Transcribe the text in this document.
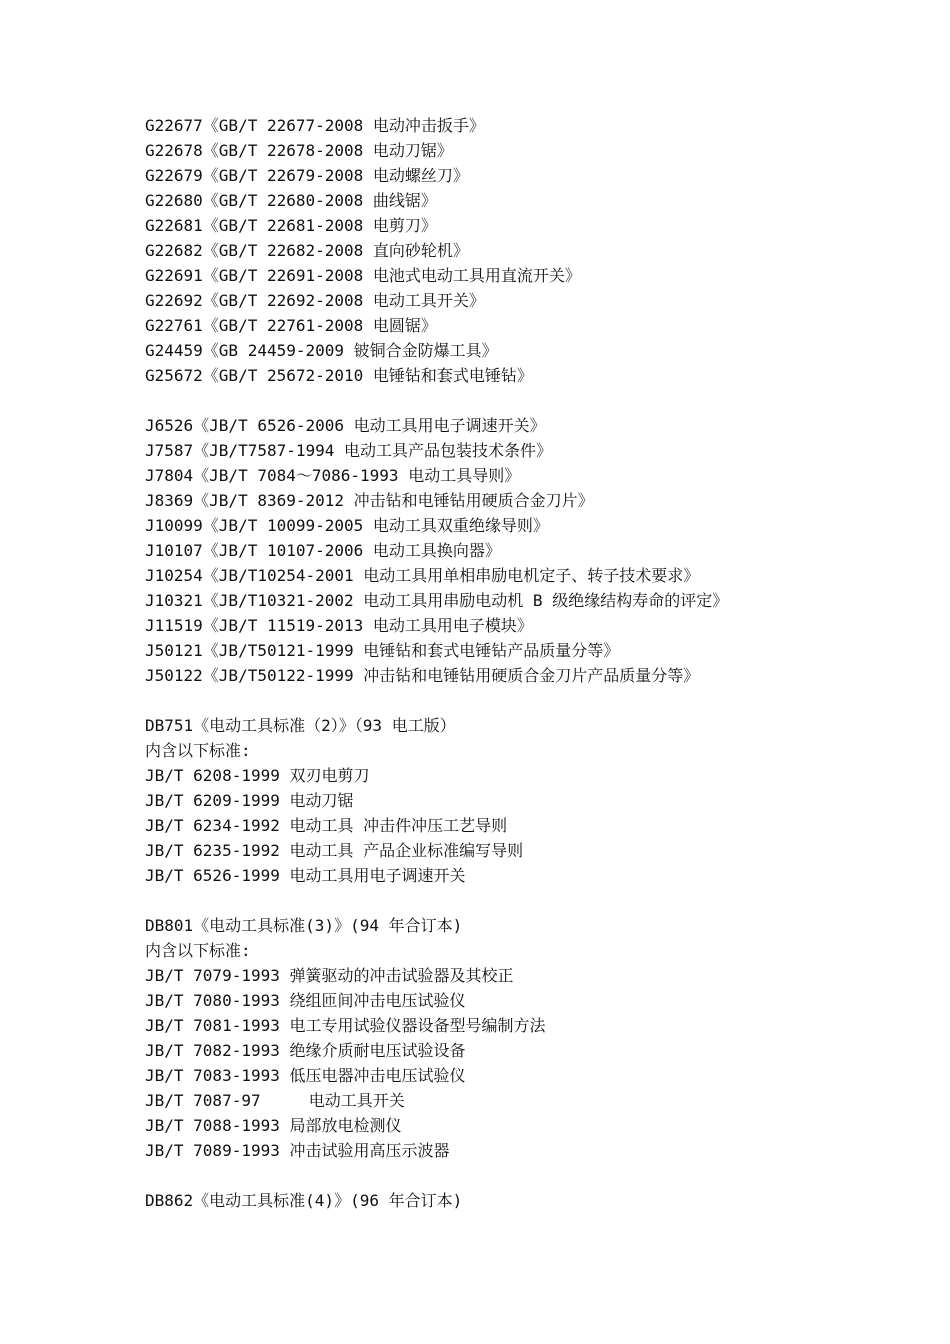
G22677《GB/T 22677-2008 电动冲击扳手》
G22678《GB/T 22678-2008 电动刀锯》
G22679《GB/T 22679-2008 电动螺丝刀》
G22680《GB/T 22680-2008 曲线锯》
G22681《GB/T 22681-2008 电剪刀》
G22682《GB/T 22682-2008 直向砂轮机》
G22691《GB/T 22691-2008 电池式电动工具用直流开关》
G22692《GB/T 22692-2008 电动工具开关》
G22761《GB/T 22761-2008 电圆锯》
G24459《GB 24459-2009 铍铜合金防爆工具》
G25672《GB/T 25672-2010 电锤钻和套式电锤钻》
J6526《JB/T 6526-2006 电动工具用电子调速开关》
J7587《JB/T7587-1994 电动工具产品包装技术条件》
J7804《JB/T 7084～7086-1993 电动工具导则》
J8369《JB/T 8369-2012 冲击钻和电锤钻用硬质合金刀片》
J10099《JB/T 10099-2005 电动工具双重绝缘导则》
J10107《JB/T 10107-2006 电动工具换向器》
J10254《JB/T10254-2001 电动工具用单相串励电机定子、转子技术要求》
J10321《JB/T10321-2002 电动工具用串励电动机 B 级绝缘结构寿命的评定》
J11519《JB/T 11519-2013 电动工具用电子模块》
J50121《JB/T50121-1999 电锤钻和套式电锤钻产品质量分等》
J50122《JB/T50122-1999 冲击钻和电锤钻用硬质合金刀片产品质量分等》
DB751《电动工具标准（2）》（93 电工版）
内含以下标准:
JB/T 6208-1999 双刃电剪刀
JB/T 6209-1999 电动刀锯
JB/T 6234-1992 电动工具 冲击件冲压工艺导则
JB/T 6235-1992 电动工具 产品企业标准编写导则
JB/T 6526-1999 电动工具用电子调速开关
DB801《电动工具标准(3)》(94 年合订本)
内含以下标准:
JB/T 7079-1993 弹簧驱动的冲击试验器及其校正
JB/T 7080-1993 绕组匝间冲击电压试验仪
JB/T 7081-1993 电工专用试验仪器设备型号编制方法
JB/T 7082-1993 绝缘介质耐电压试验设备
JB/T 7083-1993 低压电器冲击电压试验仪
JB/T 7087-97     电动工具开关
JB/T 7088-1993 局部放电检测仪
JB/T 7089-1993 冲击试验用高压示波器
DB862《电动工具标准(4)》(96 年合订本)
